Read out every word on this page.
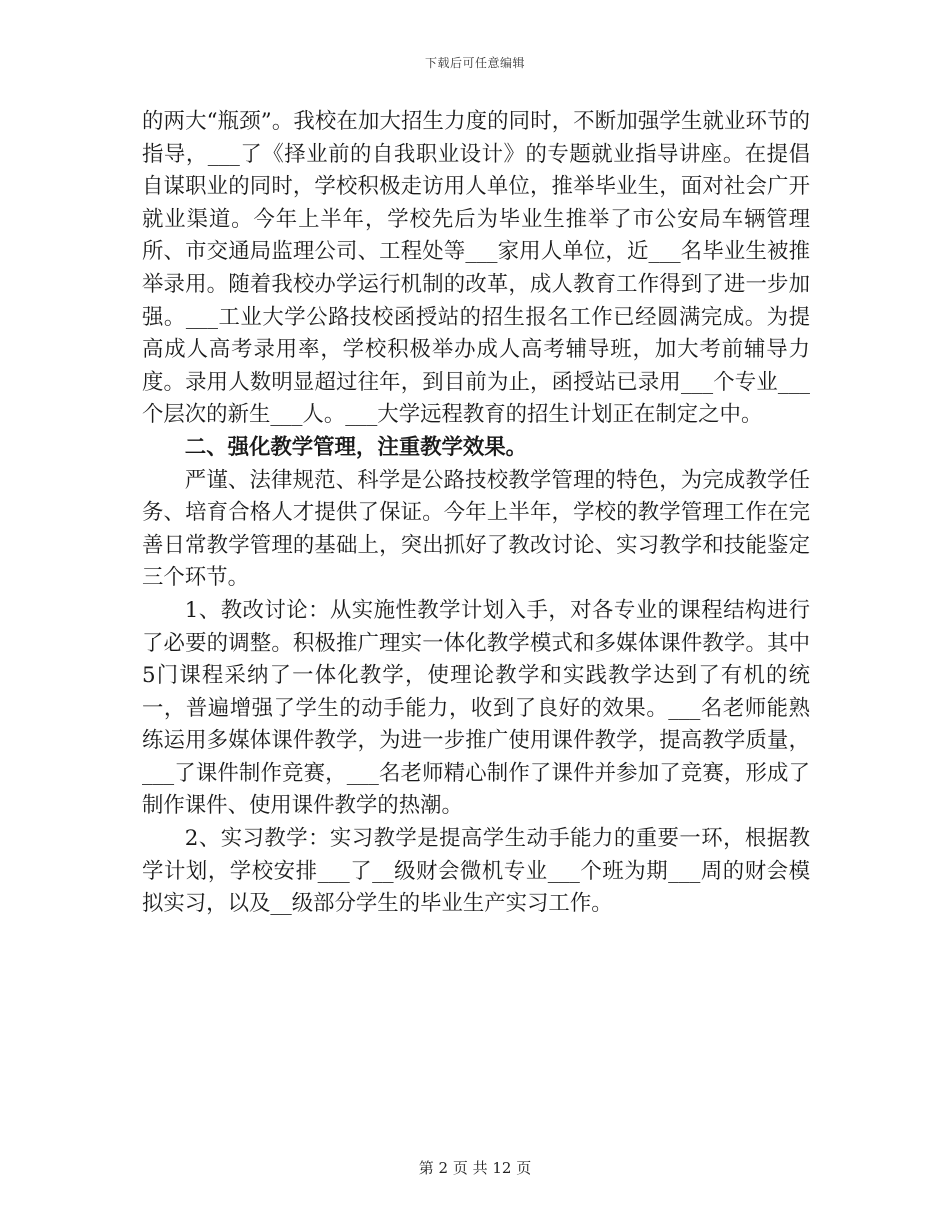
下载后可任意编辑

的两大“瓶颈”。我校在加大招生力度的同时，不断加强学生就业环节的指导，___了《择业前的自我职业设计》的专题就业指导讲座。在提倡自谋职业的同时，学校积极走访用人单位，推举毕业生，面对社会广开就业渠道。今年上半年，学校先后为毕业生推举了市公安局车辆管理所、市交通局监理公司、工程处等___家用人单位，近___名毕业生被推举录用。随着我校办学运行机制的改革，成人教育工作得到了进一步加强。___工业大学公路技校函授站的招生报名工作已经圆满完成。为提高成人高考录用率，学校积极举办成人高考辅导班，加大考前辅导力度。录用人数明显超过往年，到目前为止，函授站已录用___个专业___个层次的新生___人。___大学远程教育的招生计划正在制定之中。

二、强化教学管理，注重教学效果。

严谨、法律规范、科学是公路技校教学管理的特色，为完成教学任务、培育合格人才提供了保证。今年上半年，学校的教学管理工作在完善日常教学管理的基础上，突出抓好了教改讨论、实习教学和技能鉴定三个环节。

1、教改讨论：从实施性教学计划入手，对各专业的课程结构进行了必要的调整。积极推广理实一体化教学模式和多媒体课件教学。其中5门课程采纳了一体化教学，使理论教学和实践教学达到了有机的统一，普遍增强了学生的动手能力，收到了良好的效果。___名老师能熟练运用多媒体课件教学，为进一步推广使用课件教学，提高教学质量，___了课件制作竞赛，___名老师精心制作了课件并参加了竞赛，形成了制作课件、使用课件教学的热潮。

2、实习教学：实习教学是提高学生动手能力的重要一环，根据教学计划，学校安排___了__级财会微机专业___个班为期___周的财会模拟实习，以及__级部分学生的毕业生产实习工作。

第 2 页 共 12 页
